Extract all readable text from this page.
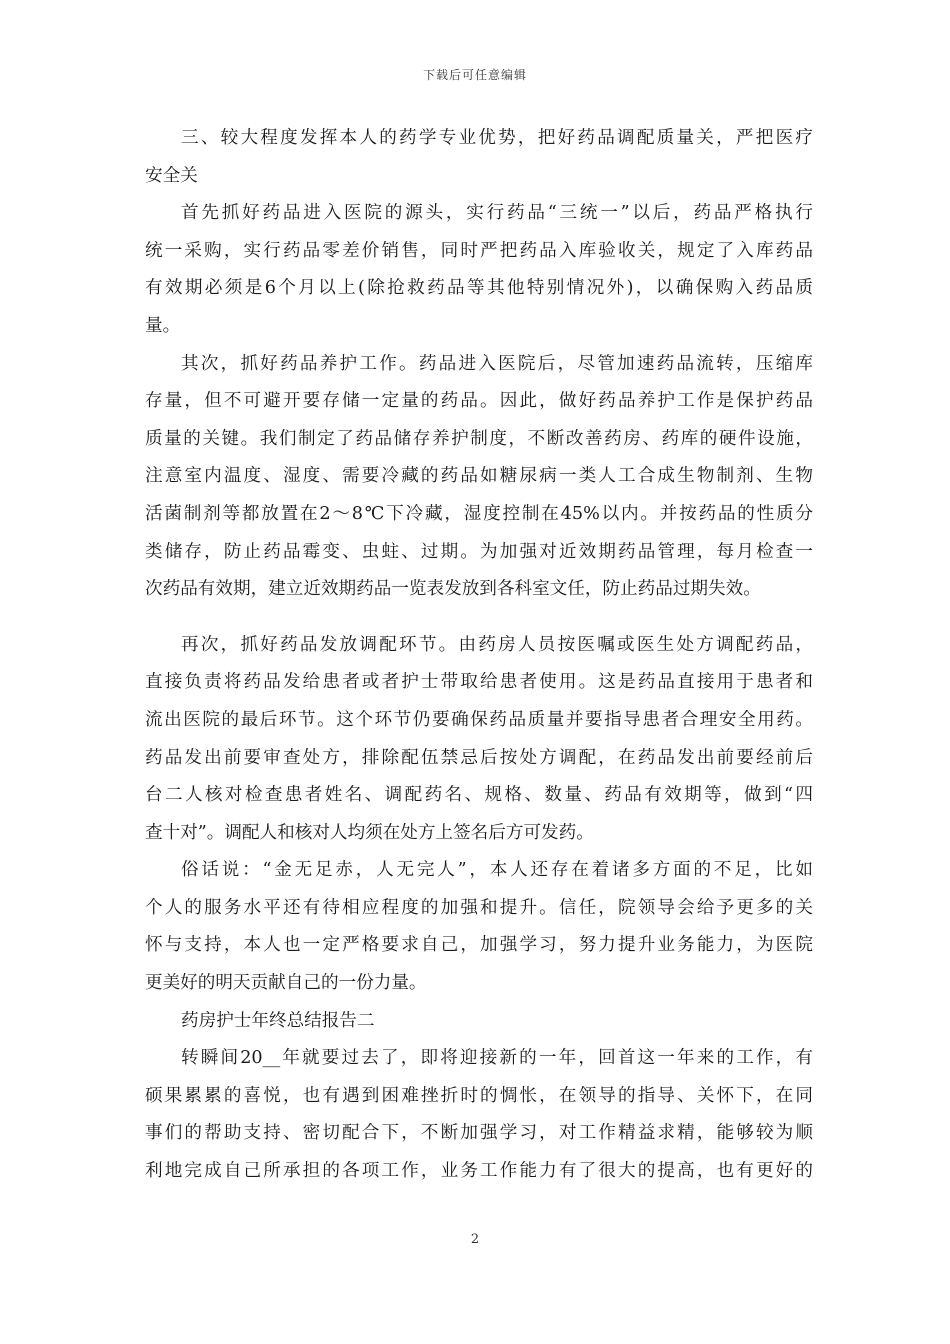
下载后可任意编辑
三、较大程度发挥本人的药学专业优势，把好药品调配质量关，严把医疗
安全关
首先抓好药品进入医院的源头，实行药品“三统一”以后，药品严格执行
统一采购，实行药品零差价销售，同时严把药品入库验收关，规定了入库药品
有效期必须是6个月以上(除抢救药品等其他特别情况外)，以确保购入药品质
量。
其次，抓好药品养护工作。药品进入医院后，尽管加速药品流转，压缩库
存量，但不可避开要存储一定量的药品。因此，做好药品养护工作是保护药品
质量的关键。我们制定了药品储存养护制度，不断改善药房、药库的硬件设施，
注意室内温度、湿度、需要冷藏的药品如糖尿病一类人工合成生物制剂、生物
活菌制剂等都放置在2～8℃下冷藏，湿度控制在45%以内。并按药品的性质分
类储存，防止药品霉变、虫蛀、过期。为加强对近效期药品管理，每月检查一
次药品有效期，建立近效期药品一览表发放到各科室文任，防止药品过期失效。
再次，抓好药品发放调配环节。由药房人员按医嘱或医生处方调配药品，
直接负责将药品发给患者或者护士带取给患者使用。这是药品直接用于患者和
流出医院的最后环节。这个环节仍要确保药品质量并要指导患者合理安全用药。
药品发出前要审查处方，排除配伍禁忌后按处方调配，在药品发出前要经前后
台二人核对检查患者姓名、调配药名、规格、数量、药品有效期等，做到“四
查十对”。调配人和核对人均须在处方上签名后方可发药。
俗话说：“金无足赤，人无完人”，本人还存在着诸多方面的不足，比如
个人的服务水平还有待相应程度的加强和提升。信任，院领导会给予更多的关
怀与支持，本人也一定严格要求自己，加强学习，努力提升业务能力，为医院
更美好的明天贡献自己的一份力量。
药房护士年终总结报告二
转瞬间20__年就要过去了，即将迎接新的一年，回首这一年来的工作，有
硕果累累的喜悦，也有遇到困难挫折时的惆怅，在领导的指导、关怀下，在同
事们的帮助支持、密切配合下，不断加强学习，对工作精益求精，能够较为顺
利地完成自己所承担的各项工作，业务工作能力有了很大的提高，也有更好的
2
